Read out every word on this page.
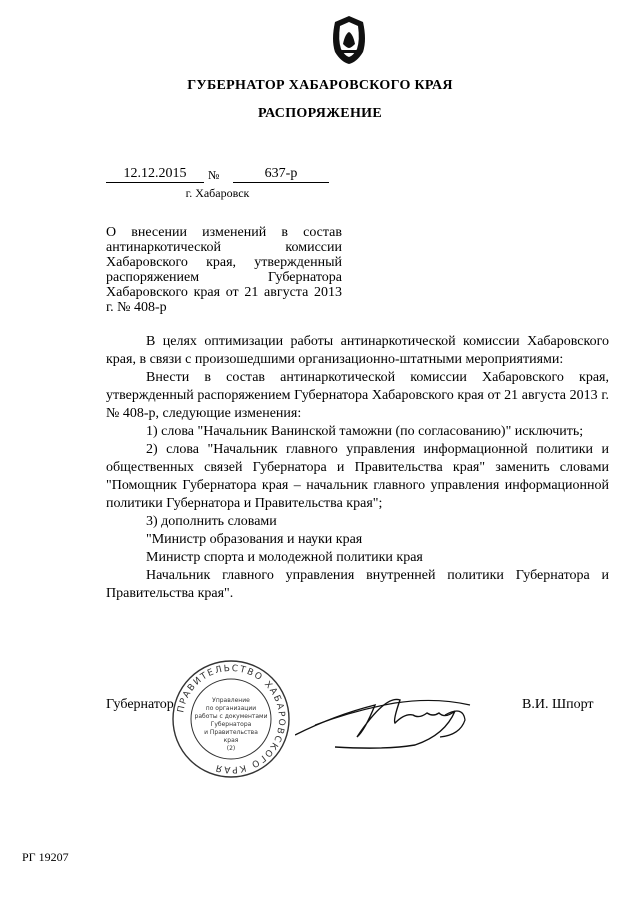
ГУБЕРНАТОР ХАБАРОВСКОГО КРАЯ
РАСПОРЯЖЕНИЕ
12.12.2015	№	637-р
г. Хабаровск
О внесении изменений в состав антинаркотической комиссии Хабаровского края, утвержденный распоряжением Губернатора Хабаровского края от 21 августа 2013 г. № 408-р

В целях оптимизации работы антинаркотической комиссии Хабаровского края, в связи с произошедшими организационно-штатными мероприятиями:

Внести в состав антинаркотической комиссии Хабаровского края, утвержденный распоряжением Губернатора Хабаровского края от 21 августа 2013 г. № 408-р, следующие изменения:

1) слова "Начальник Ванинской таможни (по согласованию)" исключить;

2) слова "Начальник главного управления информационной политики и общественных связей Губернатора и Правительства края" заменить словами "Помощник Губернатора края – начальник главного управления информационной политики Губернатора и Правительства края";

3) дополнить словами

"Министр образования и науки края

Министр спорта и молодежной политики края

Начальник главного управления внутренней политики Губернатора и Правительства края".

Губернатор	В.И. Шпорт
ПРАВИТЕЛЬСТВО ХАБАРОВСКОГО КРАЯ
Управление
по организации
работы с документами
Губернатора
и Правительства
края
(2)
РГ 19207
